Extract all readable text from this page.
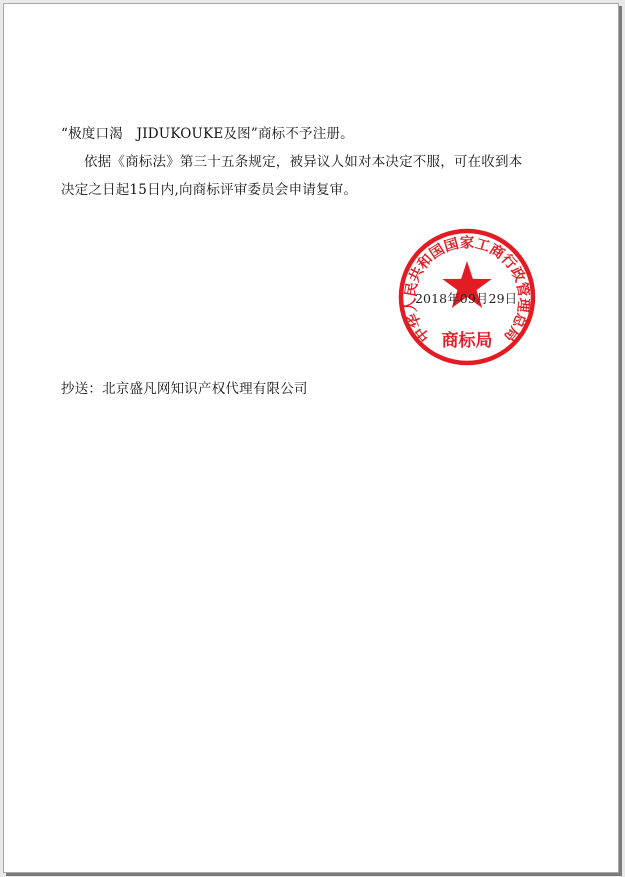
“极度口渴　JIDUKOUKE及图”商标不予注册。
依据《商标法》第三十五条规定，被异议人如对本决定不服，可在收到本
决定之日起15日内,向商标评审委员会申请复审。
中华人民共和国国家工商行政管理总局
商标局
2018年09月29日
抄送：北京盛凡网知识产权代理有限公司
